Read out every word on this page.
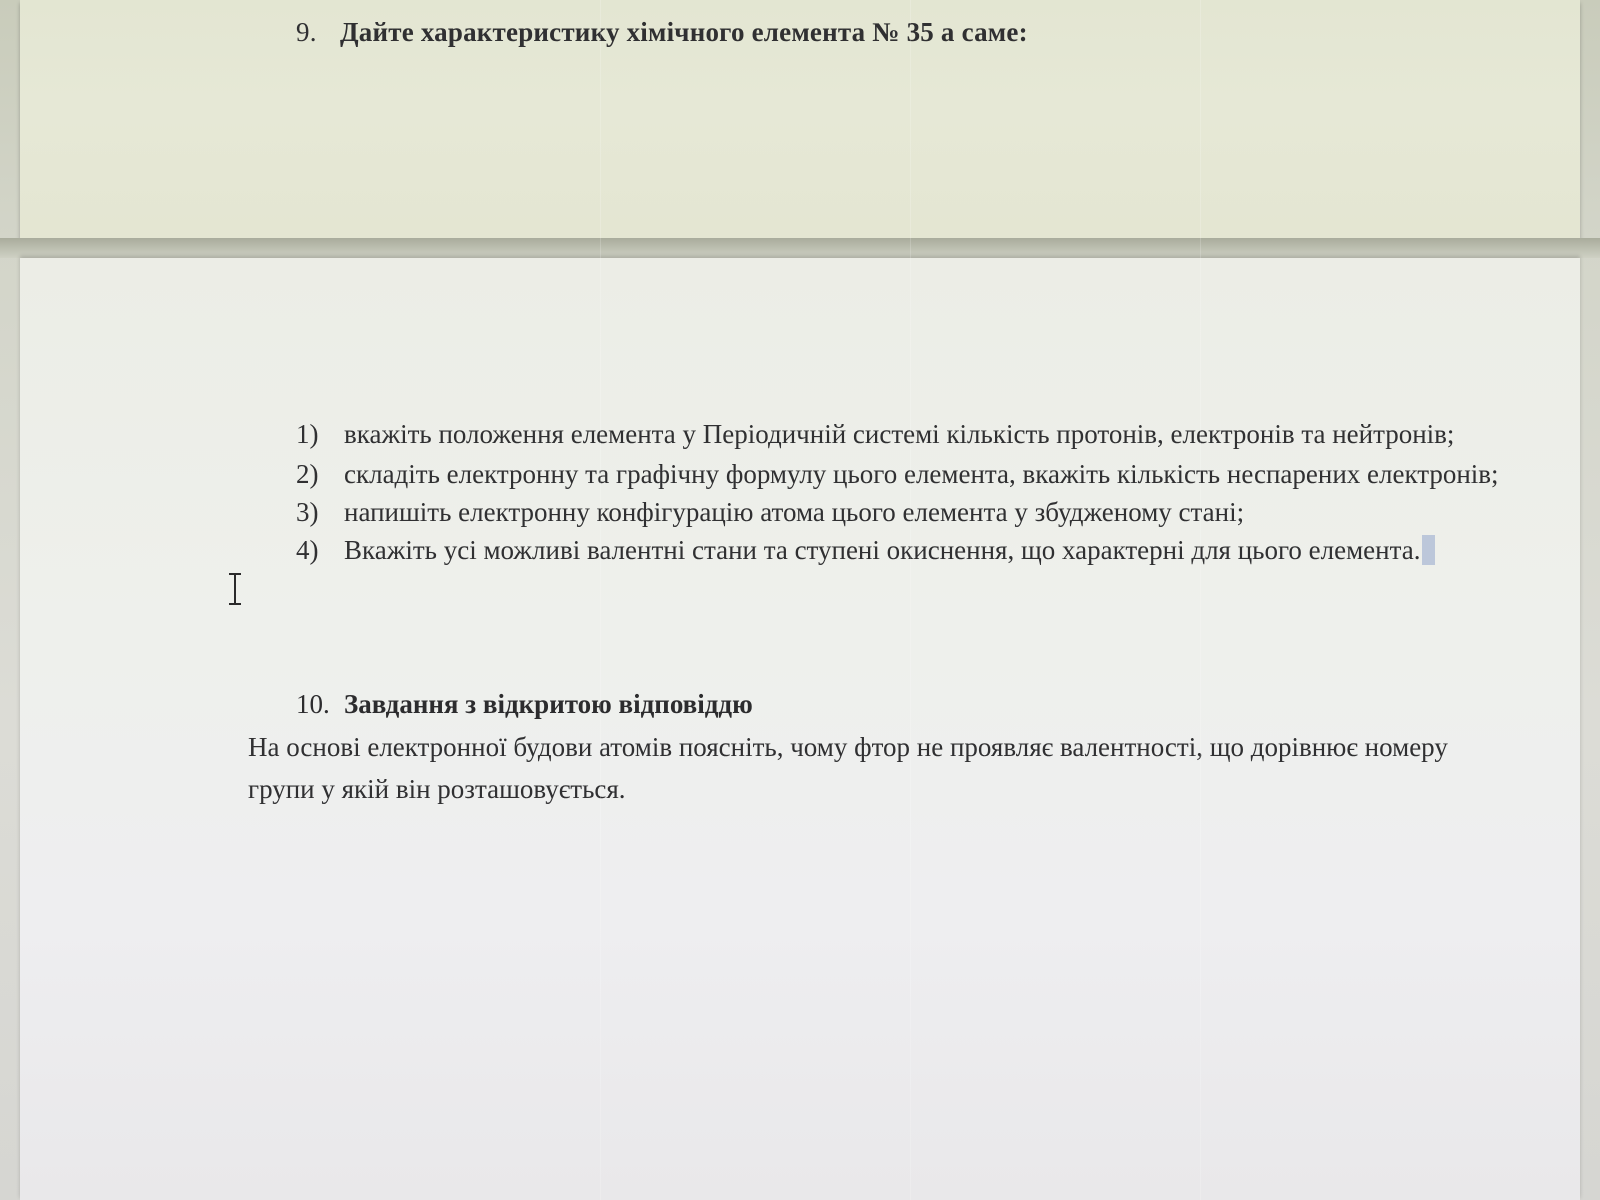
9. Дайте характеристику хімічного елемента № 35 а саме:
1) вкажіть положення елемента у Періодичній системі кількість протонів, електронів та нейтронів;
2) складіть електронну та графічну формулу цього елемента, вкажіть кількість неспарених електронів;
3) напишіть електронну конфігурацію атома цього елемента у збудженому стані;
4) Вкажіть усі можливі валентні стани та ступені окиснення, що характерні для цього елемента.
10. Завдання з відкритою відповіддю
На основі електронної будови атомів поясніть, чому фтор не проявляє валентності, що дорівнює номеру групи у якій він розташовується.
